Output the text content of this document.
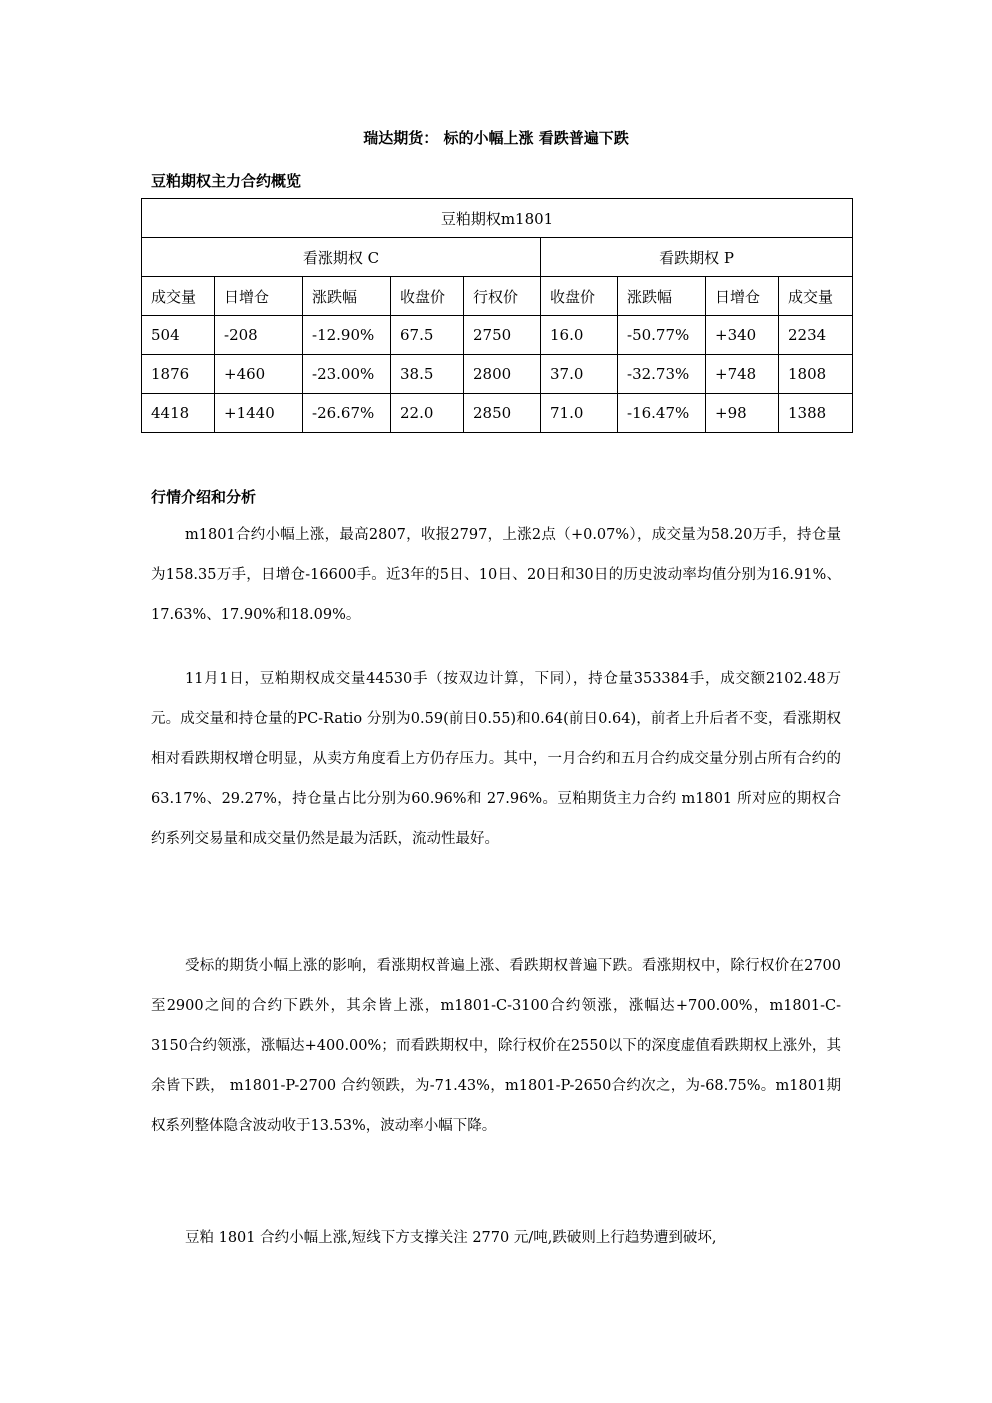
瑞达期货： 标的小幅上涨 看跌普遍下跌
豆粕期权主力合约概览
豆粕期权m1801								
看涨期权 C					看跌期权 P			
成交量	日增仓	涨跌幅	收盘价	行权价	收盘价	涨跌幅	日增仓	成交量
504	-208	-12.90%	67.5	2750	16.0	-50.77%	+340	2234
1876	+460	-23.00%	38.5	2800	37.0	-32.73%	+748	1808
4418	+1440	-26.67%	22.0	2850	71.0	-16.47%	+98	1388
行情介绍和分析

m1801合约小幅上涨，最高2807，收报2797，上涨2点（+0.07%），成交量为58.20万手，持仓量为158.35万手，日增仓-16600手。近3年的5日、10日、20日和30日的历史波动率均值分别为16.91%、17.63%、17.90%和18.09%。

11月1日，豆粕期权成交量44530手（按双边计算，下同），持仓量353384手，成交额2102.48万元。成交量和持仓量的PC-Ratio 分别为0.59(前日0.55)和0.64(前日0.64)，前者上升后者不变，看涨期权相对看跌期权增仓明显，从卖方角度看上方仍存压力。其中，一月合约和五月合约成交量分别占所有合约的63.17%、29.27%，持仓量占比分别为60.96%和 27.96%。豆粕期货主力合约 m1801 所对应的期权合约系列交易量和成交量仍然是最为活跃，流动性最好。

受标的期货小幅上涨的影响，看涨期权普遍上涨、看跌期权普遍下跌。看涨期权中，除行权价在2700至2900之间的合约下跌外，其余皆上涨，m1801-C-3100合约领涨，涨幅达+700.00%，m1801-C-3150合约领涨，涨幅达+400.00%；而看跌期权中，除行权价在2550以下的深度虚值看跌期权上涨外，其余皆下跌， m1801-P-2700 合约领跌，为-71.43%，m1801-P-2650合约次之，为-68.75%。m1801期权系列整体隐含波动收于13.53%，波动率小幅下降。

豆粕 1801 合约小幅上涨,短线下方支撑关注 2770 元/吨,跌破则上行趋势遭到破坏,
